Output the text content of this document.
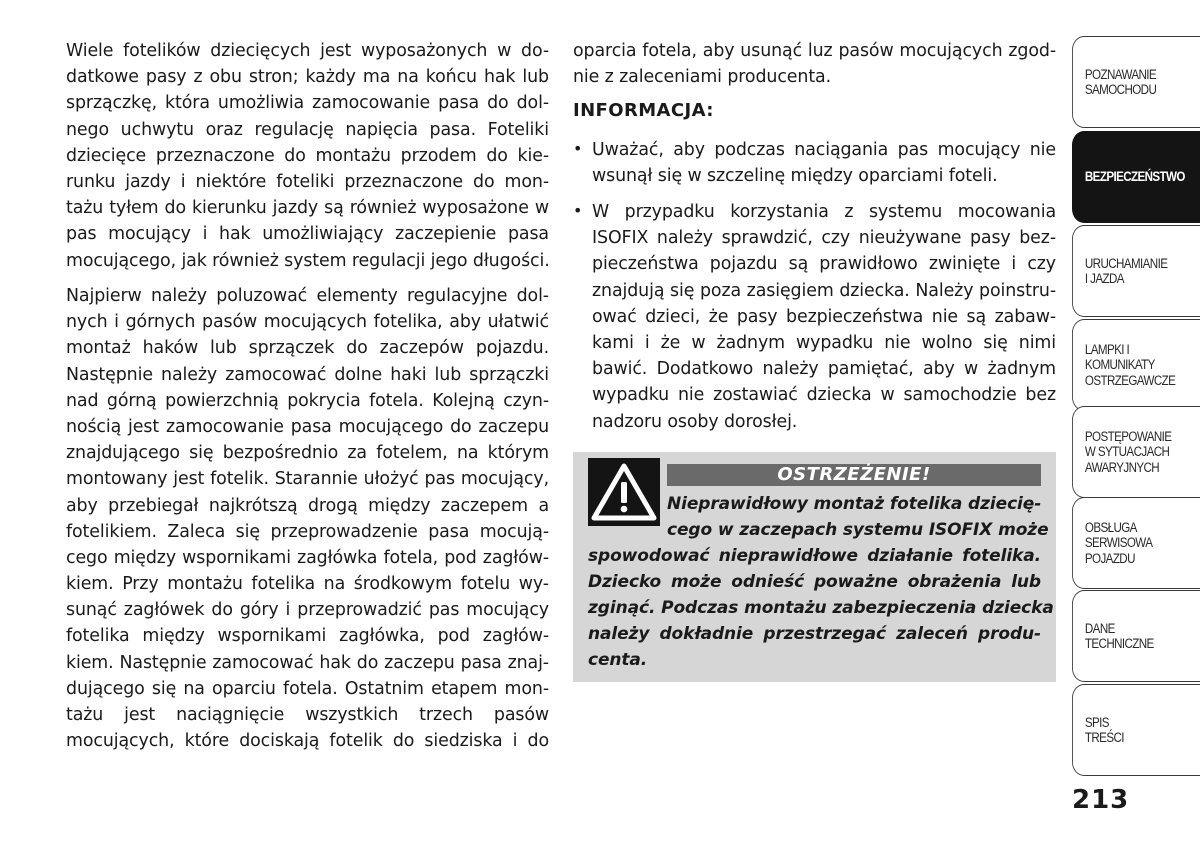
Wiele fotelików dziecięcych jest wyposażonych w do-
datkowe pasy z obu stron; każdy ma na końcu hak lub
sprzączkę, która umożliwia zamocowanie pasa do dol-
nego uchwytu oraz regulację napięcia pasa. Foteliki
dziecięce przeznaczone do montażu przodem do kie-
runku jazdy i niektóre foteliki przeznaczone do mon-
tażu tyłem do kierunku jazdy są również wyposażone w
pas mocujący i hak umożliwiający zaczepienie pasa
mocującego, jak również system regulacji jego długości.
Najpierw należy poluzować elementy regulacyjne dol-
nych i górnych pasów mocujących fotelika, aby ułatwić
montaż haków lub sprzączek do zaczepów pojazdu.
Następnie należy zamocować dolne haki lub sprzączki
nad górną powierzchnią pokrycia fotela. Kolejną czyn-
nością jest zamocowanie pasa mocującego do zaczepu
znajdującego się bezpośrednio za fotelem, na którym
montowany jest fotelik. Starannie ułożyć pas mocujący,
aby przebiegał najkrótszą drogą między zaczepem a
fotelikiem. Zaleca się przeprowadzenie pasa mocują-
cego między wspornikami zagłówka fotela, pod zagłów-
kiem. Przy montażu fotelika na środkowym fotelu wy-
sunąć zagłówek do góry i przeprowadzić pas mocujący
fotelika między wspornikami zagłówka, pod zagłów-
kiem. Następnie zamocować hak do zaczepu pasa znaj-
dującego się na oparciu fotela. Ostatnim etapem mon-
tażu jest naciągnięcie wszystkich trzech pasów
mocujących, które dociskają fotelik do siedziska i do
oparcia fotela, aby usunąć luz pasów mocujących zgod-
nie z zaleceniami producenta.
INFORMACJA:
• Uważać, aby podczas naciągania pas mocujący nie
wsunął się w szczelinę między oparciami foteli.
• W przypadku korzystania z systemu mocowania
ISOFIX należy sprawdzić, czy nieużywane pasy bez-
pieczeństwa pojazdu są prawidłowo zwinięte i czy
znajdują się poza zasięgiem dziecka. Należy poinstru-
ować dzieci, że pasy bezpieczeństwa nie są zabaw-
kami i że w żadnym wypadku nie wolno się nimi
bawić. Dodatkowo należy pamiętać, aby w żadnym
wypadku nie zostawiać dziecka w samochodzie bez
nadzoru osoby dorosłej.
OSTRZEŻENIE!
Nieprawidłowy montaż fotelika dziecię-
cego w zaczepach systemu ISOFIX może
spowodować nieprawidłowe działanie fotelika.
Dziecko może odnieść poważne obrażenia lub
zginąć. Podczas montażu zabezpieczenia dziecka
należy dokładnie przestrzegać zaleceń produ-
centa.
POZNAWANIE
SAMOCHODU
BEZPIECZEŃSTWO
URUCHAMIANIE
I JAZDA
LAMPKI I
KOMUNIKATY
OSTRZEGAWCZE
POSTĘPOWANIE
W SYTUACJACH
AWARYJNYCH
OBSŁUGA
SERWISOWA
POJAZDU
DANE
TECHNICZNE
SPIS
TREŚCI
213
